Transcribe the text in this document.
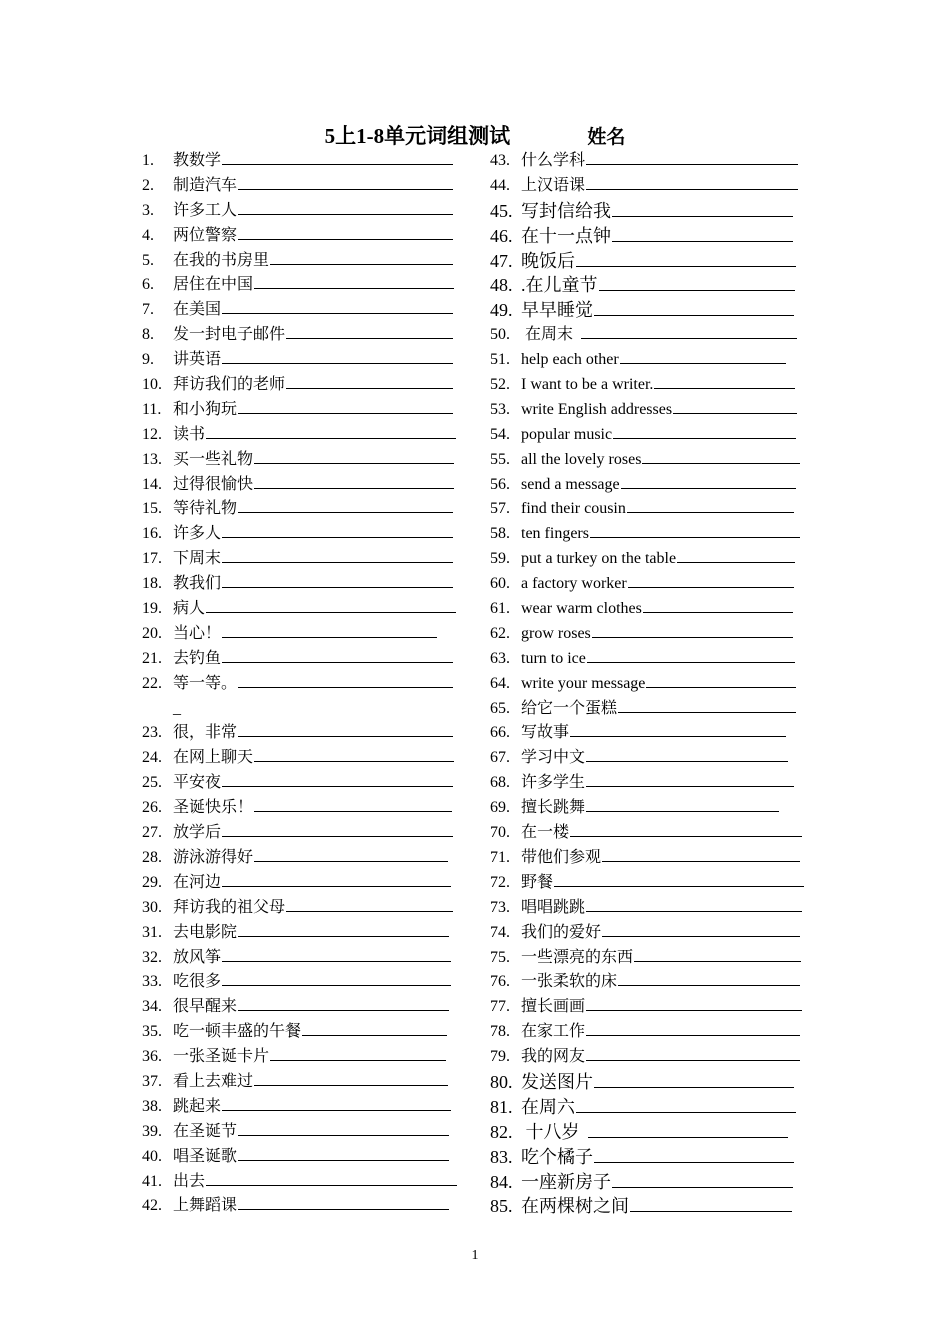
5上1-8单元词组测试	姓名
1. 教数学
2. 制造汽车
3. 许多工人
4. 两位警察
5. 在我的书房里
6. 居住在中国
7. 在美国
8. 发一封电子邮件
9. 讲英语
10. 拜访我们的老师
11. 和小狗玩
12. 读书
13. 买一些礼物
14. 过得很愉快
15. 等待礼物
16. 许多人
17. 下周末
18. 教我们
19. 病人
20. 当心！
21. 去钓鱼
22. 等一等。
_
23. 很，非常
24. 在网上聊天
25. 平安夜
26. 圣诞快乐！
27. 放学后
28. 游泳游得好
29. 在河边
30. 拜访我的祖父母
31. 去电影院
32. 放风筝
33. 吃很多
34. 很早醒来
35. 吃一顿丰盛的午餐
36. 一张圣诞卡片
37. 看上去难过
38. 跳起来
39. 在圣诞节
40. 唱圣诞歌
41. 出去
42. 上舞蹈课
43. 什么学科
44. 上汉语课
45. 写封信给我
46. 在十一点钟
47. 晚饭后
48. .在儿童节
49. 早早睡觉
50. 在周末
51. help each other
52. I want to be a writer.
53. write English addresses
54. popular music
55. all the lovely roses
56. send a message
57. find their cousin
58. ten fingers
59. put a turkey on the table
60. a factory worker
61. wear warm clothes
62. grow roses
63. turn to ice
64. write your message
65. 给它一个蛋糕
66. 写故事
67. 学习中文
68. 许多学生
69. 擅长跳舞
70. 在一楼
71. 带他们参观
72. 野餐
73. 唱唱跳跳
74. 我们的爱好
75. 一些漂亮的东西
76. 一张柔软的床
77. 擅长画画
78. 在家工作
79. 我的网友
80. 发送图片
81. 在周六
82. 十八岁
83. 吃个橘子
84. 一座新房子
85. 在两棵树之间
1
